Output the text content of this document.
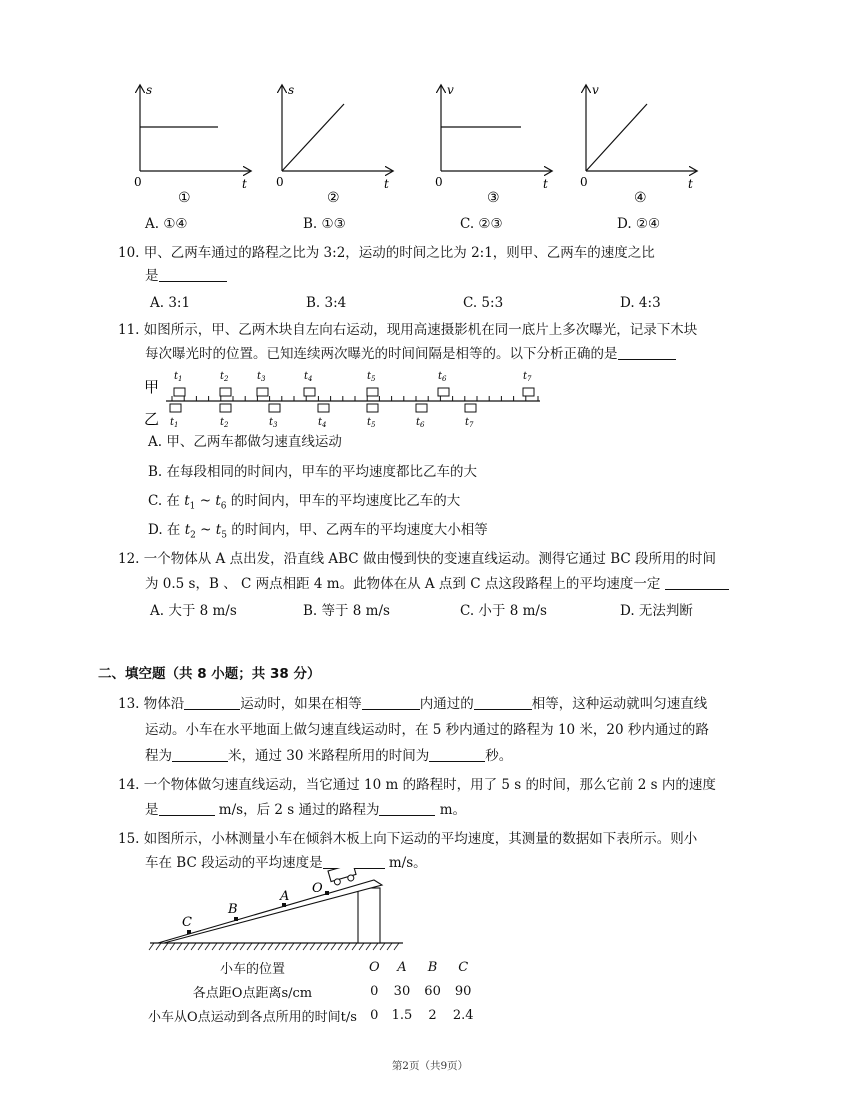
s
0	t
①
s
0	t
②
v
0	t
③
v
0	t
④
A. ①④	B. ①③	C. ②③	D. ②④
10. 甲、乙两车通过的路程之比为 3:2，运动的时间之比为 2:1，则甲、乙两车的速度之比
是
A. 3:1	B. 3:4	C. 5:3	D. 4:3
11. 如图所示，甲、乙两木块自左向右运动，现用高速摄影机在同一底片上多次曝光，记录下木块
每次曝光时的位置。已知连续两次曝光的时间间隔是相等的。以下分析正确的是
甲
乙
$t_1$	$t_2$	$t_3$	$t_4$	$t_5$	$t_6$	$t_7$
$t_1$	$t_2$	$t_3$	$t_4$	$t_5$	$t_6$	$t_7$
A. 甲、乙两车都做匀速直线运动
B. 在每段相同的时间内，甲车的平均速度都比乙车的大
C. 在 $t_1$ ~ $t_6$ 的时间内，甲车的平均速度比乙车的大
D. 在 $t_2$ ~ $t_5$ 的时间内，甲、乙两车的平均速度大小相等
12. 一个物体从 A 点出发，沿直线 ABC 做由慢到快的变速直线运动。测得它通过 BC 段所用的时间
为 0.5 s，B 、 C 两点相距 4 m。此物体在从 A 点到 C 点这段路程上的平均速度一定
A. 大于 8 m/s	B. 等于 8 m/s	C. 小于 8 m/s	D. 无法判断
二、填空题（共 8 小题；共 38 分）
13. 物体沿	运动时，如果在相等	内通过的	相等，这种运动就叫匀速直线
运动。小车在水平地面上做匀速直线运动时，在 5 秒内通过的路程为 10 米，20 秒内通过的路
程为	米，通过 30 米路程所用的时间为	秒。
14. 一个物体做匀速直线运动，当它通过 10 m 的路程时，用了 5 s 的时间，那么它前 2 s 内的速度
是	m/s，后 2 s 通过的路程为	m。
15. 如图所示，小林测量小车在倾斜木板上向下运动的平均速度，其测量的数据如下表所示。则小
车在 BC 段运动的平均速度是	m/s。
C
B
A
O
小车的位置	O	A	B	C
各点距O点距离s/cm	0	30	60	90
小车从O点运动到各点所用的时间t/s	0	1.5	2	2.4
第2页（共9页）
